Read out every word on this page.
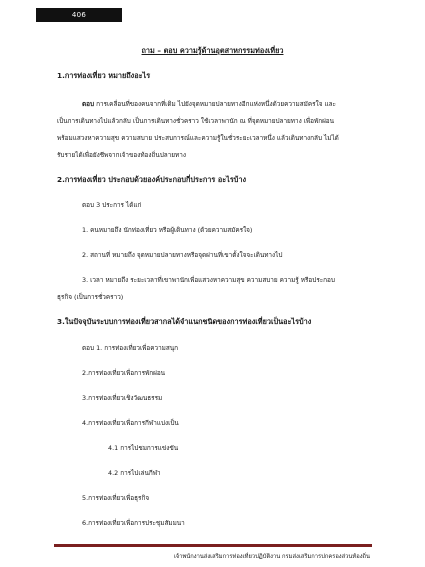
406
ถาม – ตอบ ความรู้ด้านอุตสาหกรรมท่องเที่ยว
1.การท่องเที่ยว หมายถึงอะไร
ตอบ การเคลื่อนที่ของคนจากที่เดิม ไปยังจุดหมายปลายทางอีกแห่งหนึ่งด้วยความสมัครใจ และ
เป็นการเดินทางไปแล้วกลับ เป็นการเดินทางชั่วคราว ใช้เวลาพานัก ณ ที่จุดหมายปลายทาง เพื่อพักผ่อน
พร้อมแสวงหาความสุข ความสบาย ประสบการณ์และความรู้ในชั่วระยะเวลาหนึ่ง แล้วเดินทางกลับ ไม่ได้
รับรายได้เพื่อยังชีพจากเจ้าของท้องถิ่นปลายทาง
2.การท่องเที่ยว ประกอบด้วยองค์ประกอบกี่ประการ อะไรบ้าง
ตอบ 3 ประการ ได้แก่
1. คนหมายถึง นักท่องเที่ยว หรือผู้เดินทาง (ด้วยความสมัครใจ)
2. สถานที่ หมายถึง จุดหมายปลายทางหรือจุดผ่านที่เขาตั้งใจจะเดินทางไป
3. เวลา หมายถึง ระยะเวลาที่เขาพานักเพื่อแสวงหาความสุข ความสบาย ความรู้ หรือประกอบ
ธุรกิจ (เป็นการชั่วคราว)
3.ในปัจจุบันระบบการท่องเที่ยวสากลได้จำแนกชนิดของการท่องเที่ยวเป็นอะไรบ้าง
ตอบ 1. การท่องเที่ยวเพื่อความสนุก
2.การท่องเที่ยวเพื่อการพักผ่อน
3.การท่องเที่ยวเชิงวัฒนธรรม
4.การท่องเที่ยวเพื่อการกีฬาแบ่งเป็น
4.1 การไปชมการแข่งขัน
4.2 การไปเล่นกีฬา
5.การท่องเที่ยวเพื่อธุรกิจ
6.การท่องเที่ยวเพื่อการประชุมสัมมนา
เจ้าพนักงานส่งเสริมการท่องเที่ยวปฏิบัติงาน กรมส่งเสริมการปกครองส่วนท้องถิ่น
